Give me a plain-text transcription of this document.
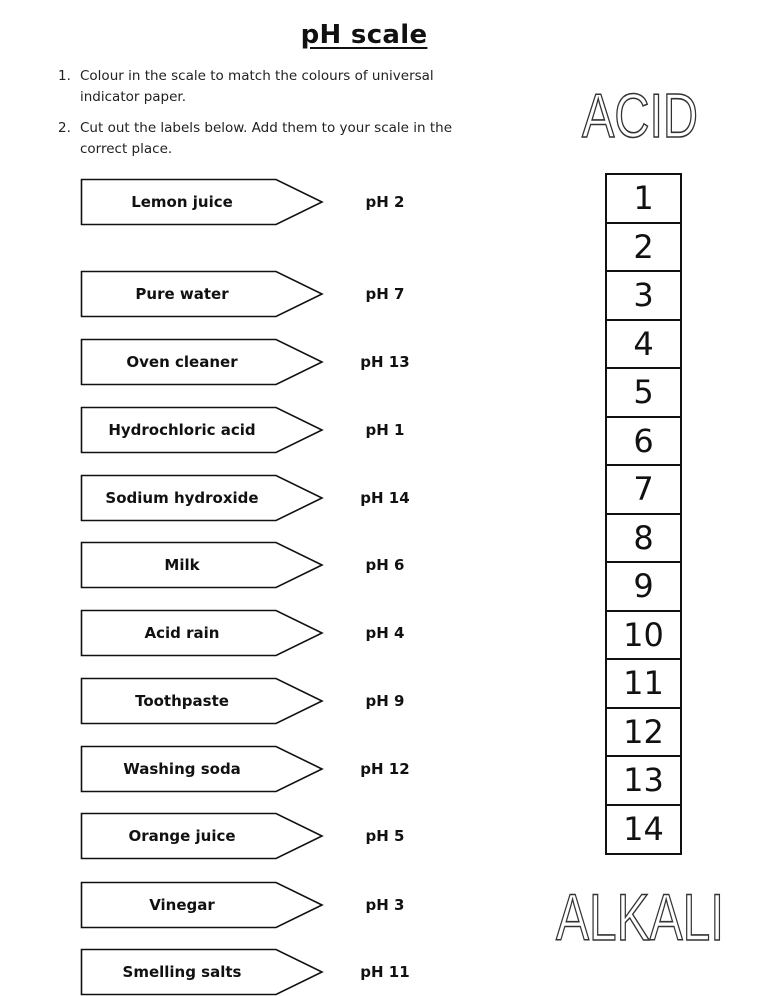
pH scale
1. Colour in the scale to match the colours of universal indicator paper.
2. Cut out the labels below. Add them to your scale in the correct place.	ACID
ALKALI
Lemon juice
Pure water
Oven cleaner
Hydrochloric acid
Sodium hydroxide
Milk
Acid rain
Toothpaste
Washing soda
Orange juice
Vinegar
Smelling salts
pH 2
pH 7
pH 13
pH 1
pH 14
pH 6
pH 4
pH 9
pH 12
pH 5
pH 3
pH 11
1
2
3
4
5
6
7
8
9
10
11
12
13
14
